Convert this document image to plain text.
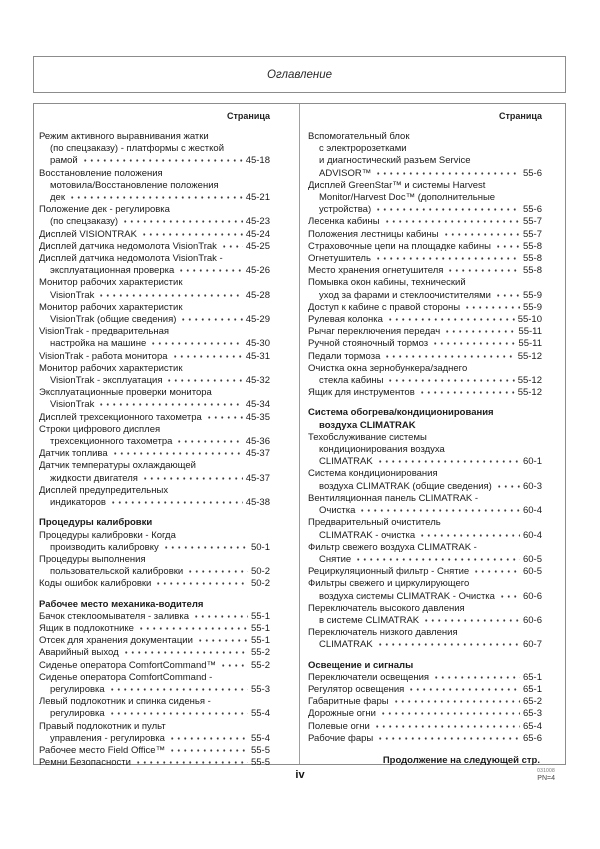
Оглавление
Страница
Режим активного выравнивания жатки
(по спецзаказу) - платформы с жесткой
рамой	45-18
Восстановление положения
мотовила/Восстановление положения
дек	45-21
Положение дек - регулировка
(по спецзаказу)	45-23
Дисплей VISIONTRAK	45-24
Дисплей датчика недомолота VisionTrak	45-25
Дисплей датчика недомолота VisionTrak -
эксплуатационная проверка	45-26
Монитор рабочих характеристик
VisionTrak	45-28
Монитор рабочих характеристик
VisionTrak (общие сведения)	45-29
VisionTrak - предварительная
настройка на машине	45-30
VisionTrak - работа монитора	45-31
Монитор рабочих характеристик
VisionTrak - эксплуатация	45-32
Эксплуатационные проверки монитора
VisionTrak	45-34
Дисплей трехсекционного тахометра	45-35
Строки цифрового дисплея
трехсекционного тахометра	45-36
Датчик топлива	45-37
Датчик температуры охлаждающей
жидкости двигателя	45-37
Дисплей предупредительных
индикаторов	45-38
Процедуры калибровки
Процедуры калибровки - Когда
производить калибровку	50-1
Процедуры выполнения
пользовательской калибровки	50-2
Коды ошибок калибровки	50-2
Рабочее место механика-водителя
Бачок стеклоомывателя - заливка	55-1
Ящик в подлокотнике	55-1
Отсек для хранения документации	55-1
Аварийный выход	55-2
Сиденье оператора ComfortCommand™	55-2
Сиденье оператора ComfortCommand -
регулировка	55-3
Левый подлокотник и спинка сиденья -
регулировка	55-4
Правый подлокотник и пульт
управления - регулировка	55-4
Рабочее место Field Office™	55-5
Ремни Безопасности	55-5
Страница
Вспомогательный блок
с электророзетками
и диагностический разъем Service
ADVISOR™	55-6
Дисплей GreenStar™ и системы Harvest
Monitor/Harvest Doc™ (дополнительные
устройства)	55-6
Лесенка кабины	55-7
Положения лестницы кабины	55-7
Страховочные цепи на площадке кабины	55-8
Огнетушитель	55-8
Место хранения огнетушителя	55-8
Помывка окон кабины, технический
уход за фарами и стеклоочистителями	55-9
Доступ к кабине с правой стороны	55-9
Рулевая колонка	55-10
Рычаг переключения передач	55-11
Ручной стояночный тормоз	55-11
Педали тормоза	55-12
Очистка окна зернобункера/заднего
стекла кабины	55-12
Ящик для инструментов	55-12
Система обогрева/кондиционирования
воздуха CLIMATRAK
Техобслуживание системы
кондиционирования воздуха
CLIMATRAK	60-1
Система кондиционирования
воздуха CLIMATRAK (общие сведения)	60-3
Вентиляционная панель CLIMATRAK -
Очистка	60-4
Предварительный очиститель
CLIMATRAK - очистка	60-4
Фильтр свежего воздуха CLIMATRAK -
Снятие	60-5
Рециркуляционный фильтр - Снятие	60-5
Фильтры свежего и циркулирующего
воздуха системы CLIMATRAK - Очистка	60-6
Переключатель высокого давления
в системе CLIMATRAK	60-6
Переключатель низкого давления
CLIMATRAK	60-7
Освещение и сигналы
Переключатели освещения	65-1
Регулятор освещения	65-1
Габаритные фары	65-2
Дорожные огни	65-3
Полевые огни	65-4
Рабочие фары	65-6
Продолжение на следующей стр.
iv	031008
PN=4
